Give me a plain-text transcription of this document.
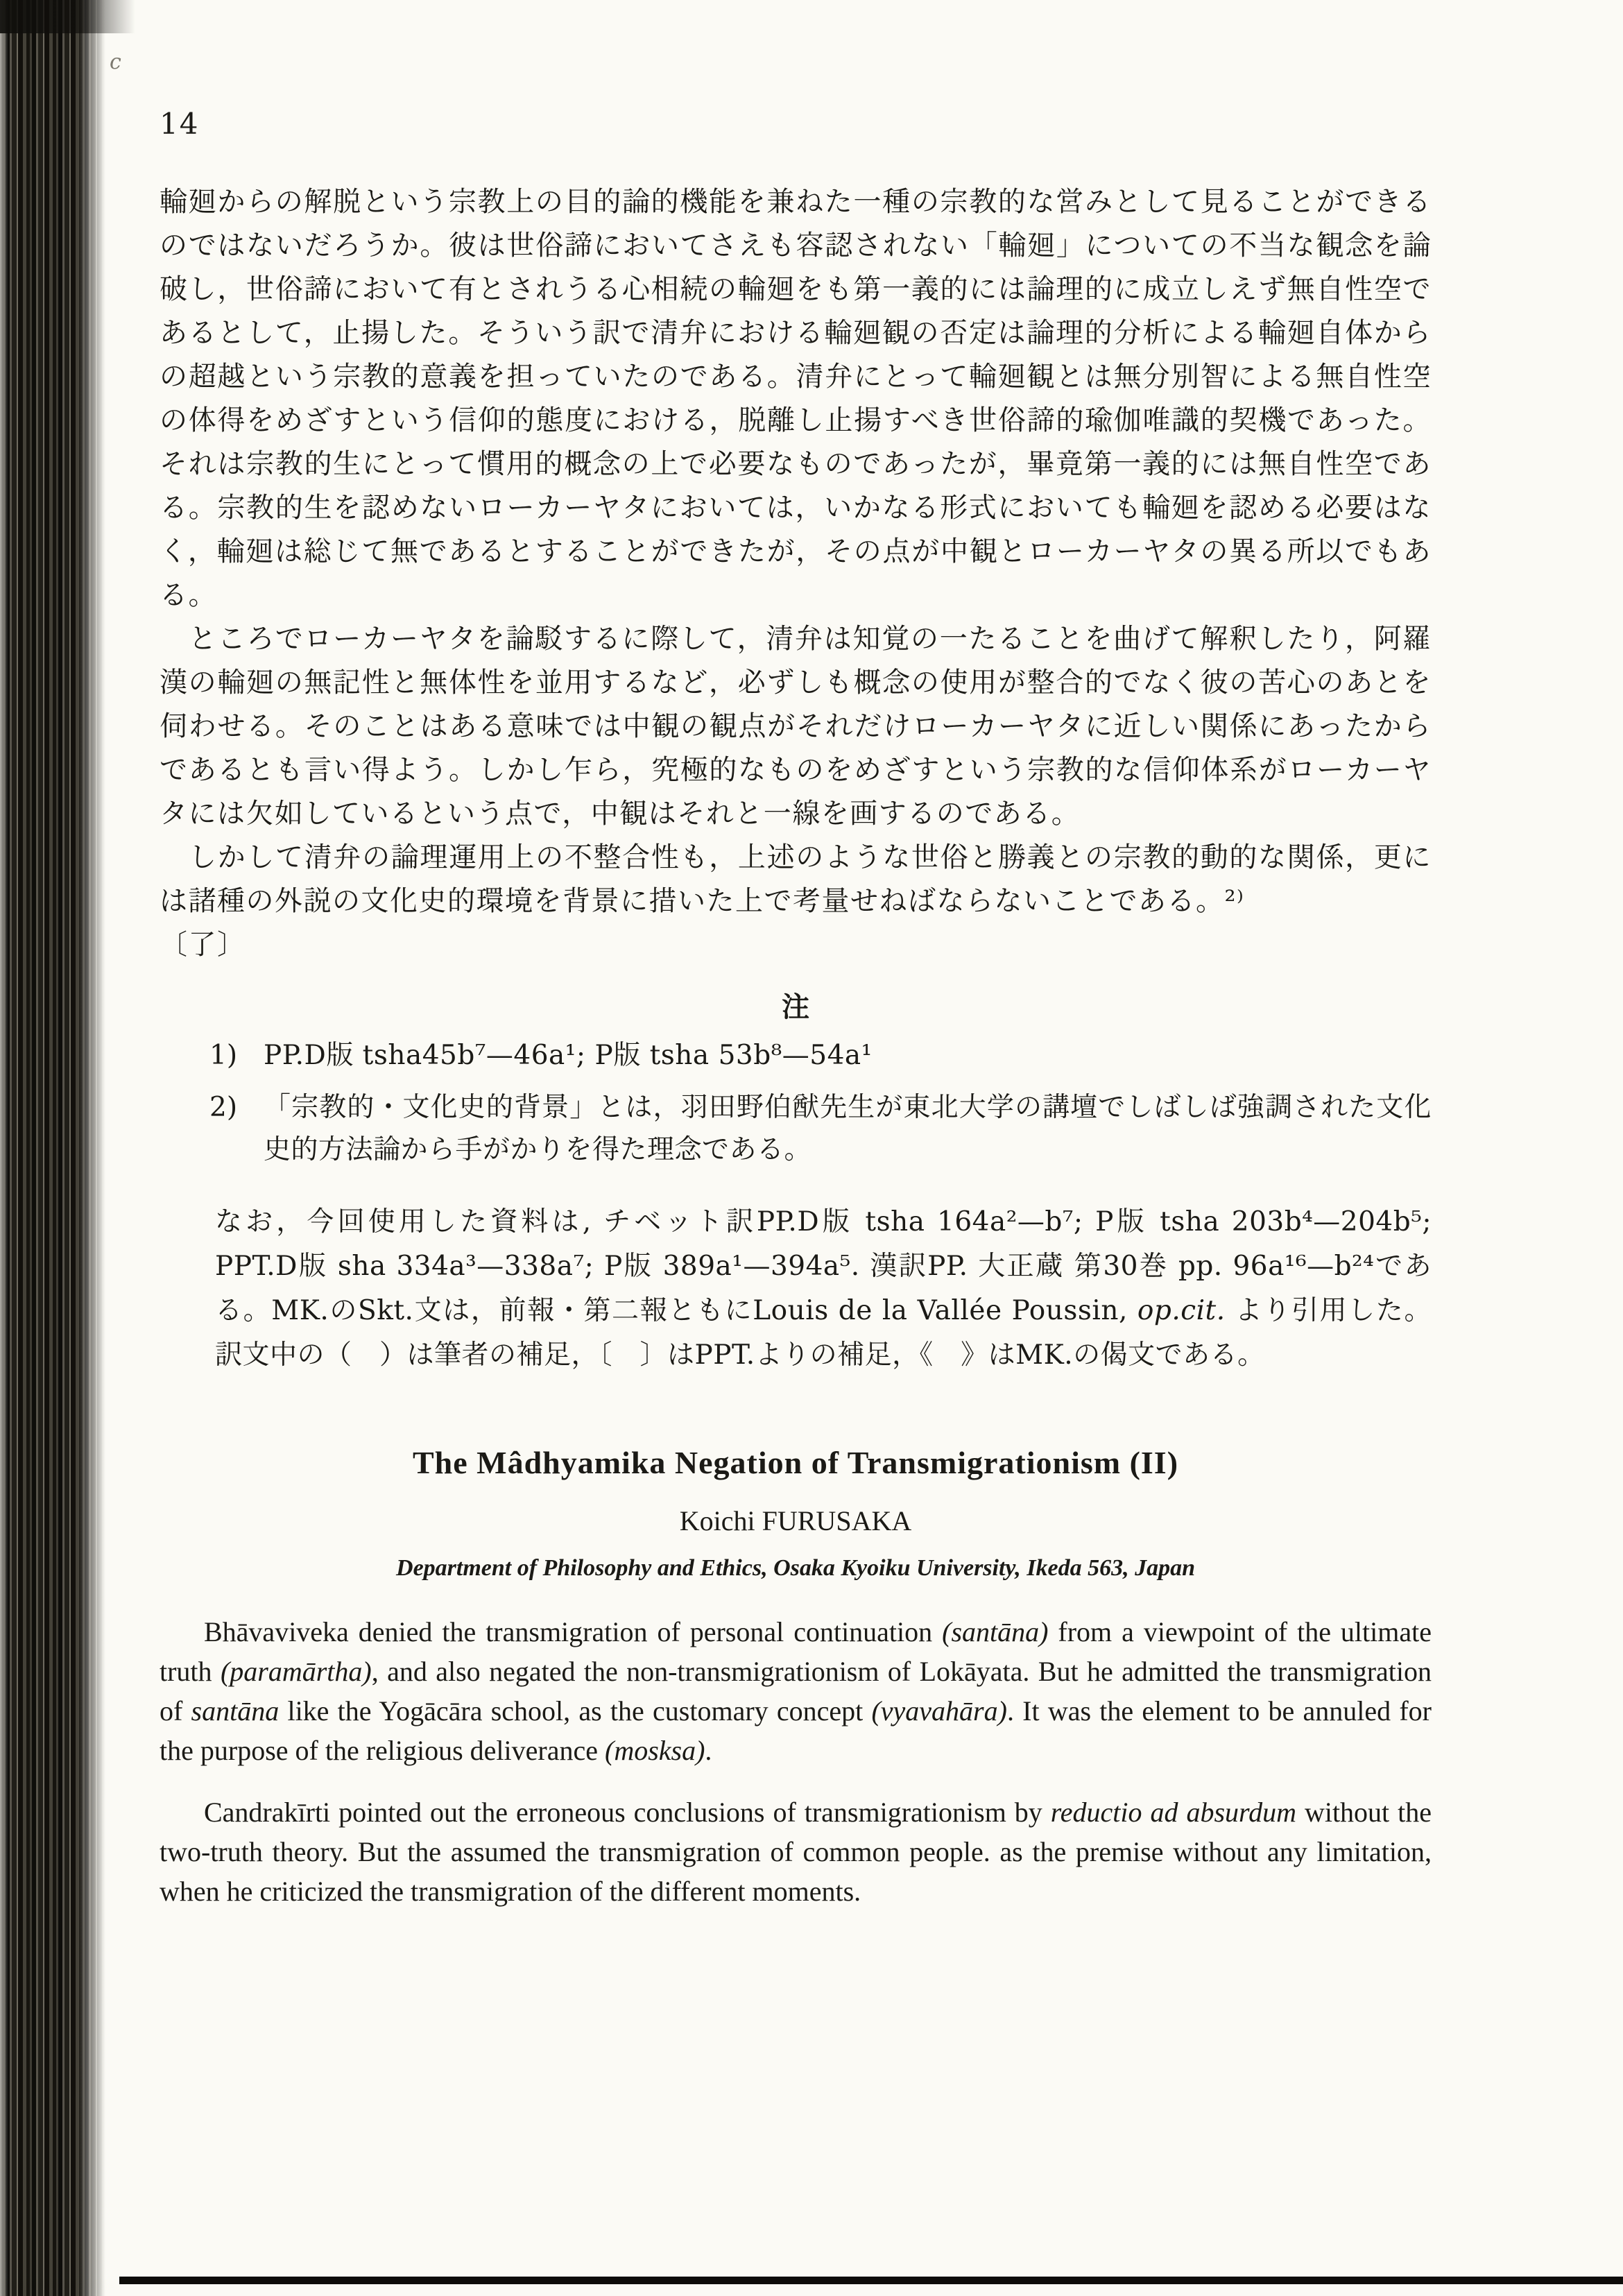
c
14

輪廻からの解脱という宗教上の目的論的機能を兼ねた一種の宗教的な営みとして見ることができるのではないだろうか。彼は世俗諦においてさえも容認されない「輪廻」についての不当な観念を論破し，世俗諦において有とされうる心相続の輪廻をも第一義的には論理的に成立しえず無自性空であるとして，止揚した。そういう訳で清弁における輪廻観の否定は論理的分析による輪廻自体からの超越という宗教的意義を担っていたのである。清弁にとって輪廻観とは無分別智による無自性空の体得をめざすという信仰的態度における，脱離し止揚すべき世俗諦的瑜伽唯識的契機であった。それは宗教的生にとって慣用的概念の上で必要なものであったが，畢竟第一義的には無自性空である。宗教的生を認めないローカーヤタにおいては，いかなる形式においても輪廻を認める必要はなく，輪廻は総じて無であるとすることができたが，その点が中観とローカーヤタの異る所以でもある。

ところでローカーヤタを論駁するに際して，清弁は知覚の一たることを曲げて解釈したり，阿羅漢の輪廻の無記性と無体性を並用するなど，必ずしも概念の使用が整合的でなく彼の苦心のあとを伺わせる。そのことはある意味では中観の観点がそれだけローカーヤタに近しい関係にあったからであるとも言い得よう。しかし乍ら，究極的なものをめざすという宗教的な信仰体系がローカーヤタには欠如しているという点で，中観はそれと一線を画するのである。

しかして清弁の論理運用上の不整合性も，上述のような世俗と勝義との宗教的動的な関係，更には諸種の外説の文化史的環境を背景に措いた上で考量せねばならないことである。²⁾

〔了〕

注
1) PP.D版 tsha45b⁷—46a¹; P版 tsha 53b⁸—54a¹
2) 「宗教的・文化史的背景」とは，羽田野伯猷先生が東北大学の講壇でしばしば強調された文化史的方法論から手がかりを得た理念である。

なお，今回使用した資料は, チベット訳PP.D版 tsha 164a²—b⁷; P版 tsha 203b⁴—204b⁵; PPT.D版 sha 334a³—338a⁷; P版 389a¹—394a⁵. 漢訳PP. 大正蔵 第30巻 pp. 96a¹⁶—b²⁴である。MK.のSkt.文は，前報・第二報ともにLouis de la Vallée Poussin, op.cit. より引用した。訳文中の（　）は筆者の補足，〔　〕はPPT.よりの補足，《　》はMK.の偈文である。

The Mâdhyamika Negation of Transmigrationism (II)
Koichi FURUSAKA
Department of Philosophy and Ethics, Osaka Kyoiku University, Ikeda 563, Japan

Bhāvaviveka denied the transmigration of personal continuation (santāna) from a viewpoint of the ultimate truth (paramārtha), and also negated the non-transmigrationism of Lokāyata. But he admitted the transmigration of santāna like the Yogācāra school, as the customary concept (vyavahāra). It was the element to be annuled for the purpose of the religious deliverance (mosksa).

Candrakīrti pointed out the erroneous conclusions of transmigrationism by reductio ad absurdum without the two-truth theory. But the assumed the transmigration of common people. as the premise without any limitation, when he criticized the transmigration of the different moments.
